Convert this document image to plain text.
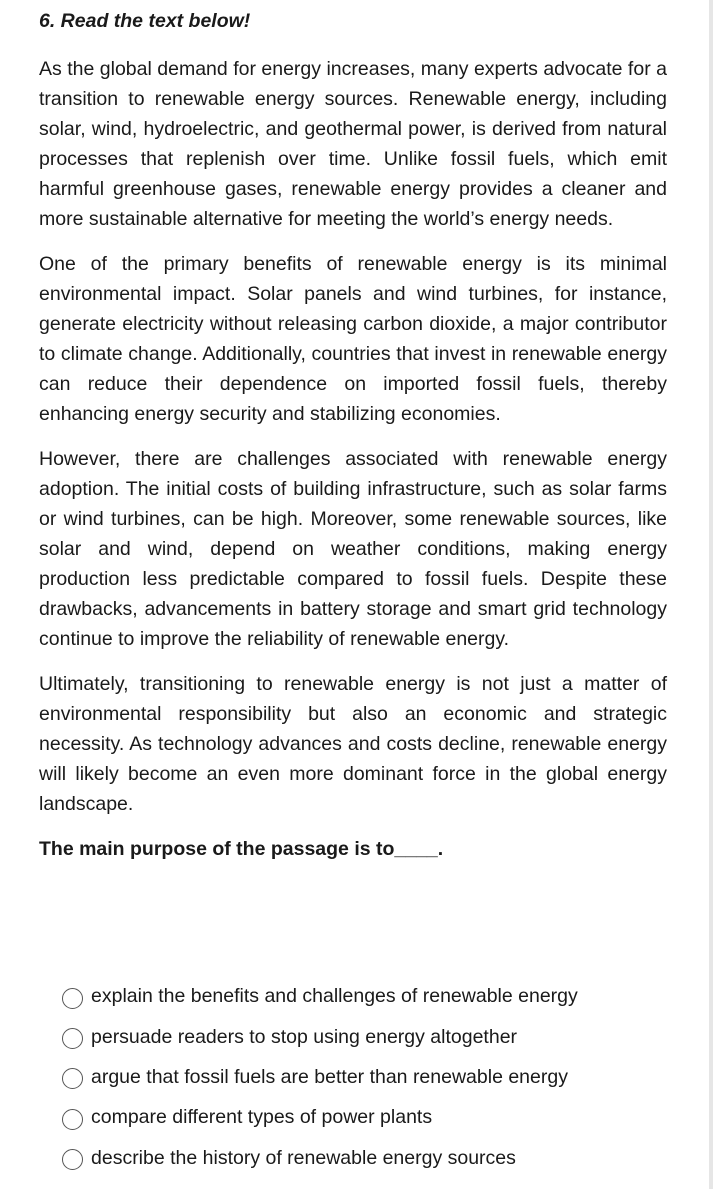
6. Read the text below!

As the global demand for energy increases, many experts advocate for a transition to renewable energy sources. Renewable energy, including solar, wind, hydroelectric, and geothermal power, is derived from natural processes that replenish over time. Unlike fossil fuels, which emit harmful greenhouse gases, renewable energy provides a cleaner and more sustainable alternative for meeting the world’s energy needs.

One of the primary benefits of renewable energy is its minimal environmental impact. Solar panels and wind turbines, for instance, generate electricity without releasing carbon dioxide, a major contributor to climate change. Additionally, countries that invest in renewable energy can reduce their dependence on imported fossil fuels, thereby enhancing energy security and stabilizing economies.

However, there are challenges associated with renewable energy adoption. The initial costs of building infrastructure, such as solar farms or wind turbines, can be high. Moreover, some renewable sources, like solar and wind, depend on weather conditions, making energy production less predictable compared to fossil fuels. Despite these drawbacks, advancements in battery storage and smart grid technology continue to improve the reliability of renewable energy.

Ultimately, transitioning to renewable energy is not just a matter of environmental responsibility but also an economic and strategic necessity. As technology advances and costs decline, renewable energy will likely become an even more dominant force in the global energy landscape.

The main purpose of the passage is to____.
explain the benefits and challenges of renewable energy
persuade readers to stop using energy altogether
argue that fossil fuels are better than renewable energy
compare different types of power plants
describe the history of renewable energy sources
